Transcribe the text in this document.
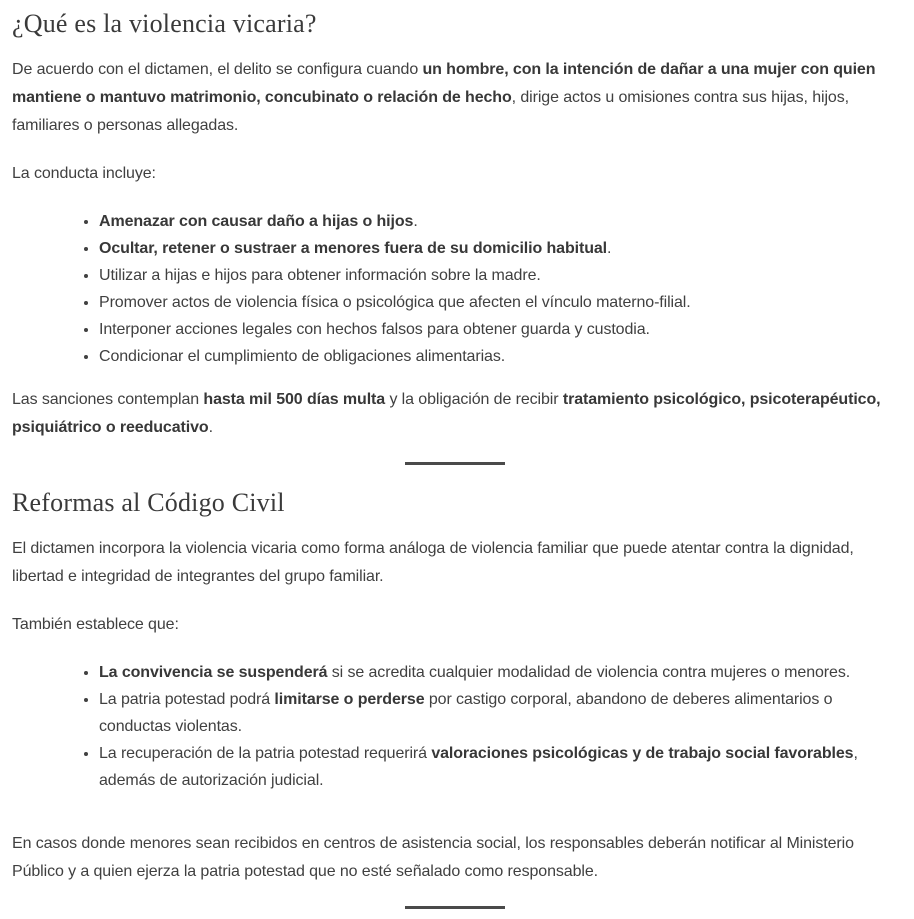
¿Qué es la violencia vicaria?

De acuerdo con el dictamen, el delito se configura cuando un hombre, con la intención de dañar a una mujer con quien mantiene o mantuvo matrimonio, concubinato o relación de hecho, dirige actos u omisiones contra sus hijas, hijos, familiares o personas allegadas.

La conducta incluye:

• Amenazar con causar daño a hijas o hijos.
• Ocultar, retener o sustraer a menores fuera de su domicilio habitual.
• Utilizar a hijas e hijos para obtener información sobre la madre.
• Promover actos de violencia física o psicológica que afecten el vínculo materno-filial.
• Interponer acciones legales con hechos falsos para obtener guarda y custodia.
• Condicionar el cumplimiento de obligaciones alimentarias.

Las sanciones contemplan hasta mil 500 días multa y la obligación de recibir tratamiento psicológico, psicoterapéutico, psiquiátrico o reeducativo.

Reformas al Código Civil

El dictamen incorpora la violencia vicaria como forma análoga de violencia familiar que puede atentar contra la dignidad, libertad e integridad de integrantes del grupo familiar.

También establece que:

• La convivencia se suspenderá si se acredita cualquier modalidad de violencia contra mujeres o menores.
• La patria potestad podrá limitarse o perderse por castigo corporal, abandono de deberes alimentarios o conductas violentas.
• La recuperación de la patria potestad requerirá valoraciones psicológicas y de trabajo social favorables, además de autorización judicial.

En casos donde menores sean recibidos en centros de asistencia social, los responsables deberán notificar al Ministerio Público y a quien ejerza la patria potestad que no esté señalado como responsable.
